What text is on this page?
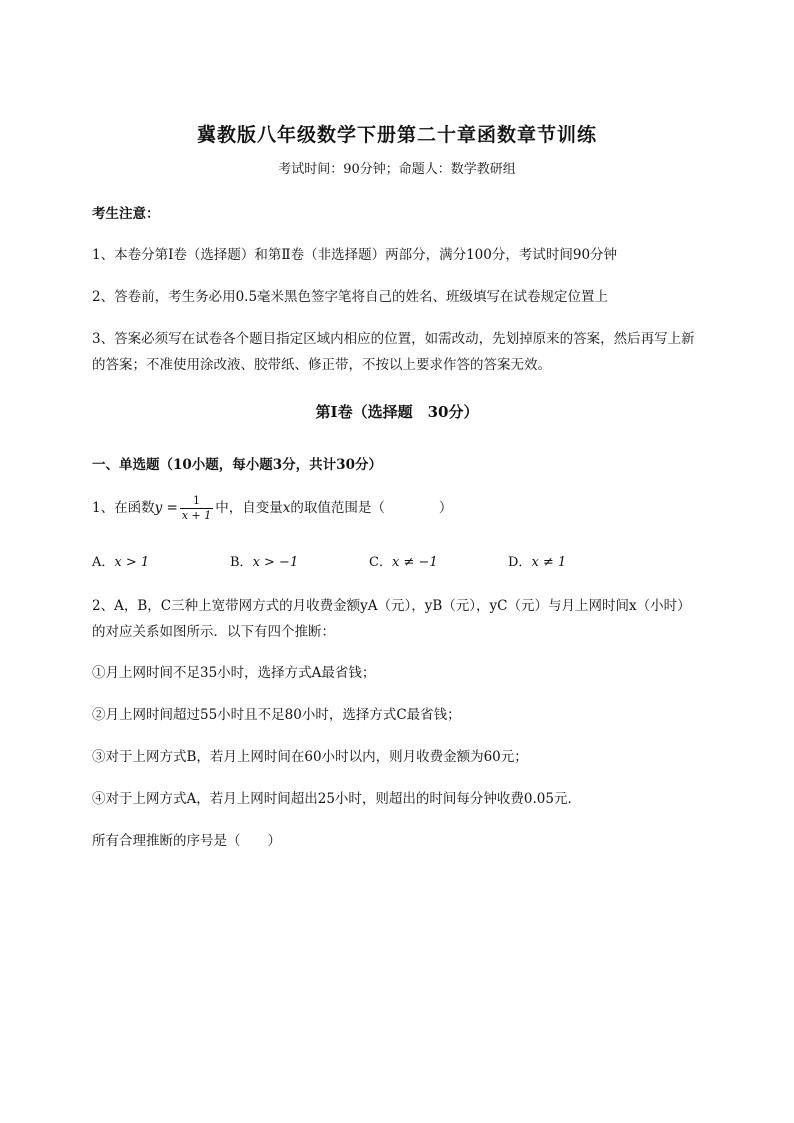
冀教版八年级数学下册第二十章函数章节训练
考试时间：90分钟；命题人：数学教研组
考生注意：
1、本卷分第I卷（选择题）和第Ⅱ卷（非选择题）两部分，满分100分，考试时间90分钟
2、答卷前，考生务必用0.5毫米黑色签字笔将自己的姓名、班级填写在试卷规定位置上
3、答案必须写在试卷各个题目指定区域内相应的位置，如需改动，先划掉原来的答案，然后再写上新
的答案；不准使用涂改液、胶带纸、修正带，不按以上要求作答的答案无效。
第I卷（选择题　30分）
一、单选题（10小题，每小题3分，共计30分）
1、在函数$y = \frac{1}{x + 1}$ 中，自变量x的取值范围是（　　　　）
A．x > 1	B．x > −1	C．x ≠ −1	D．x ≠ 1
2、A，B，C三种上宽带网方式的月收费金额yA（元），yB（元），yC（元）与月上网时间x（小时）
的对应关系如图所示．以下有四个推断：
①月上网时间不足35小时，选择方式A最省钱；
②月上网时间超过55小时且不足80小时，选择方式C最省钱；
③对于上网方式B，若月上网时间在60小时以内，则月收费金额为60元；
④对于上网方式A，若月上网时间超出25小时，则超出的时间每分钟收费0.05元．
所有合理推断的序号是（　　）
